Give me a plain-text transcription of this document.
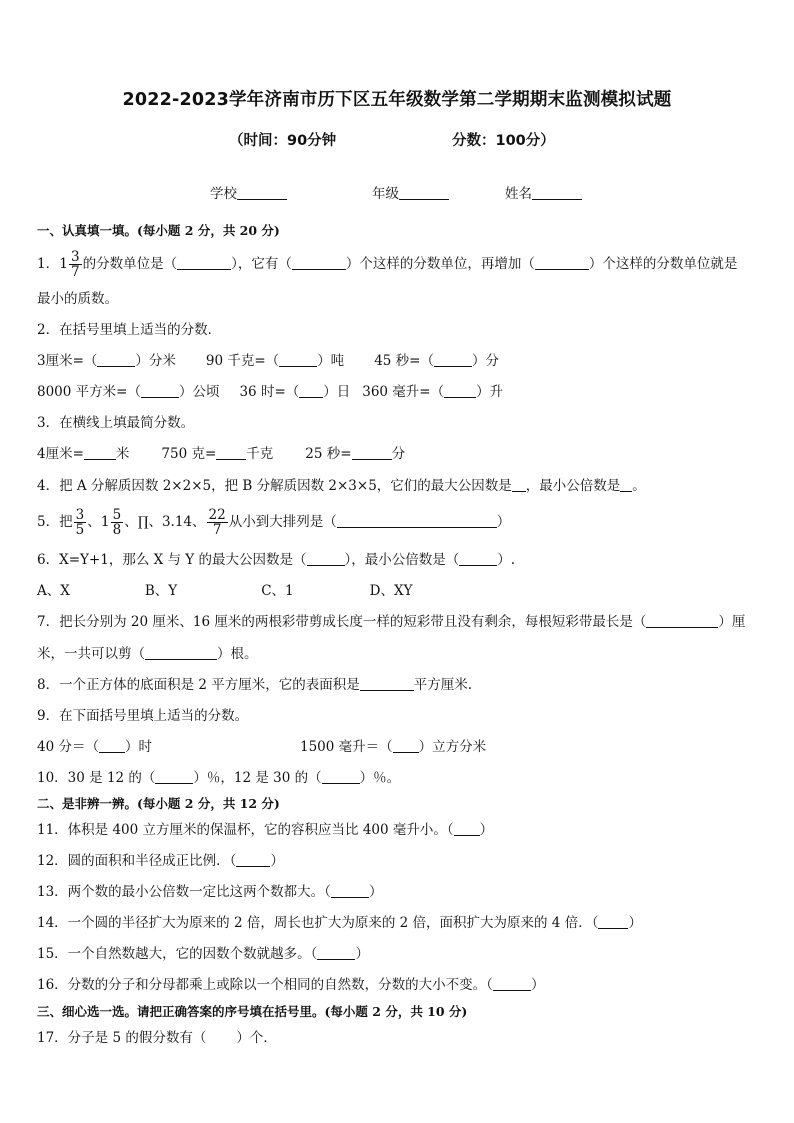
2022-2023学年济南市历下区五年级数学第二学期期末监测模拟试题
（时间：90分钟	分数：100分）
学校	年级	姓名
一、认真填一填。(每小题 2 分，共 20 分)
1．$1 \frac{3}{7}$ 的分数单位是（	），它有（	）个这样的分数单位，再增加（	）个这样的分数单位就是
最小的质数。
2．在括号里填上适当的分数．
3厘米=（	）分米 90 千克=（	）吨 45 秒=（	）分
8000 平方米=（	）公顷 36 时=（ ）日 360 毫升=（ ）升
3．在横线上填最简分数。
4厘米= 米 750 克= 千克 25 秒=	分
4．把 A 分解质因数 2×2×5，把 B 分解质因数 2×3×5，它们的最大公因数是 ，最小公倍数是 。
5．把 $\frac{3}{5}$ 、$1 \frac{5}{8}$ 、∏、3.14、 $\frac{22}{7}$ 从小到大排列是（	）
6．X=Y+1，那么 X 与 Y 的最大公因数是（	），最小公倍数是（	）.
A、X	B、Y	C、1	D、XY
7．把长分别为 20 厘米、16 厘米的两根彩带剪成长度一样的短彩带且没有剩余，每根短彩带最长是（	）厘
米，一共可以剪（	）根。
8．一个正方体的底面积是 2 平方厘米，它的表面积是	平方厘米.
9．在下面括号里填上适当的分数。
40 分＝（ ）时	1500 毫升＝（ ）立方分米
10．30 是 12 的（	）％，12 是 30 的（	）％。
二、是非辨一辨。(每小题 2 分，共 12 分)
11．体积是 400 立方厘米的保温杯，它的容积应当比 400 毫升小。（ ）
12．圆的面积和半径成正比例．（	）
13．两个数的最小公倍数一定比这两个数都大。（	）
14．一个圆的半径扩大为原来的 2 倍，周长也扩大为原来的 2 倍，面积扩大为原来的 4 倍．（ ）
15．一个自然数越大，它的因数个数就越多。（	）
16．分数的分子和分母都乘上或除以一个相同的自然数，分数的大小不变。（	）
三、细心选一选。请把正确答案的序号填在括号里。(每小题 2 分，共 10 分)
17．分子是 5 的假分数有（ ）个．
